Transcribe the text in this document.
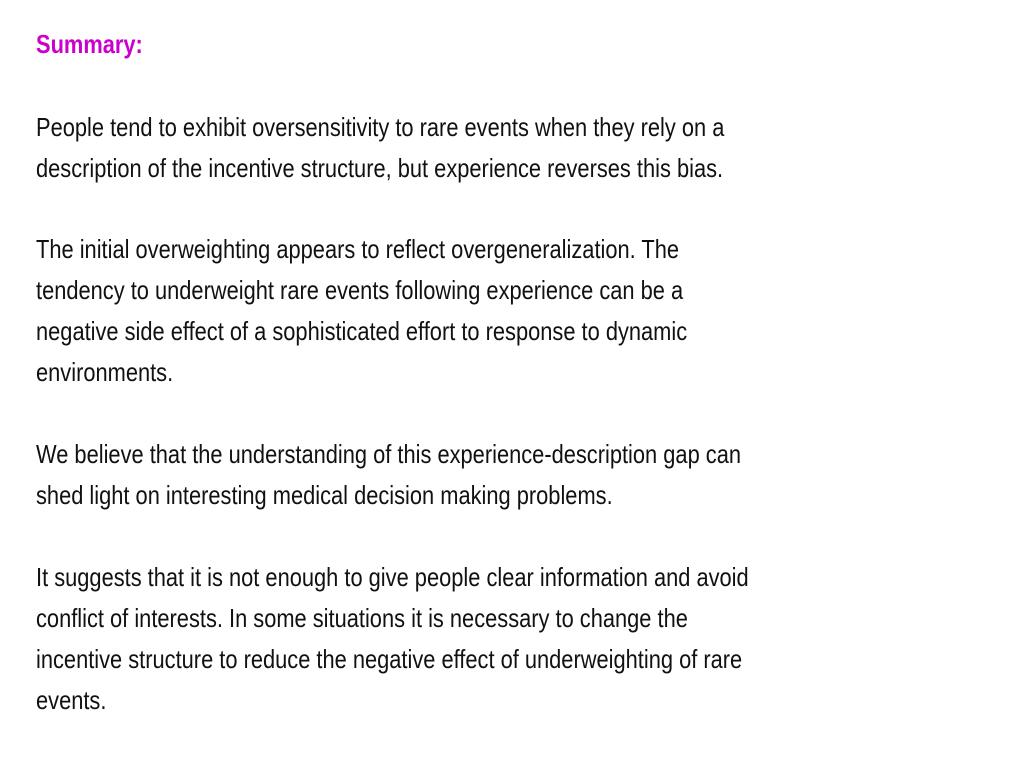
Summary:
People tend to exhibit oversensitivity to rare events when they rely on a
description of the incentive structure, but experience reverses this bias.
The initial overweighting appears to reflect overgeneralization. The
tendency to underweight rare events following experience can be a
negative side effect of a sophisticated effort to response to dynamic
environments.
We believe that the understanding of this experience-description gap can
shed light on interesting medical decision making problems.
It suggests that it is not enough to give people clear information and avoid
conflict of interests. In some situations it is necessary to change the
incentive structure to reduce the negative effect of underweighting of rare
events.
